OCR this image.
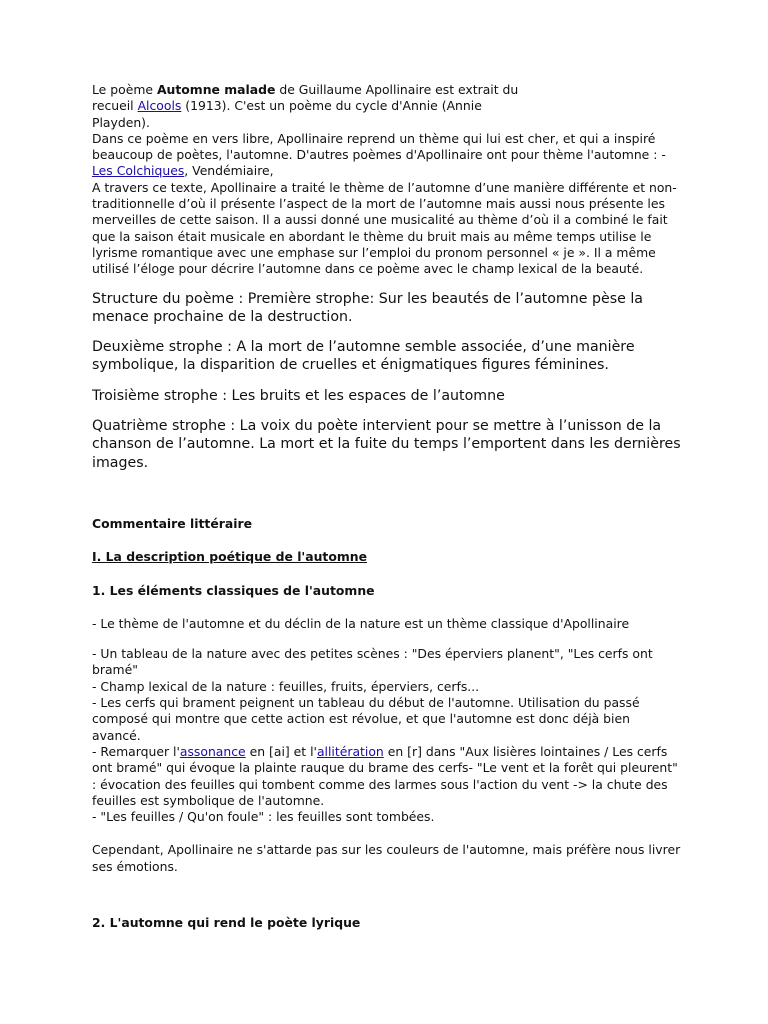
Le poème Automne malade de Guillaume Apollinaire est extrait du recueil Alcools (1913). C'est un poème du cycle d'Annie (Annie Playden).

Dans ce poème en vers libre, Apollinaire reprend un thème qui lui est cher, et qui a inspiré beaucoup de poètes, l'automne. D'autres poèmes d'Apollinaire ont pour thème l'automne : - Les Colchiques, Vendémiaire,

A travers ce texte, Apollinaire a traité le thème de l’automne d’une manière différente et non-traditionnelle d’où il présente l’aspect de la mort de l’automne mais aussi nous présente les merveilles de cette saison. Il a aussi donné une musicalité au thème d’où il a combiné le fait que la saison était musicale en abordant le thème du bruit mais au même temps utilise le lyrisme romantique avec une emphase sur l’emploi du pronom personnel « je ». Il a même utilisé l’éloge pour décrire l’automne dans ce poème avec le champ lexical de la beauté.

Structure du poème : Première strophe: Sur les beautés de l’automne pèse la menace prochaine de la destruction.

Deuxième strophe : A la mort de l’automne semble associée, d’une manière symbolique, la disparition de cruelles et énigmatiques figures féminines.

Troisième strophe : Les bruits et les espaces de l’automne

Quatrième strophe : La voix du poète intervient pour se mettre à l’unisson de la chanson de l’automne. La mort et la fuite du temps l’emportent dans les dernières images.

Commentaire littéraire

I. La description poétique de l'automne

1. Les éléments classiques de l'automne

- Le thème de l'automne et du déclin de la nature est un thème classique d'Apollinaire

- Un tableau de la nature avec des petites scènes : "Des éperviers planent", "Les cerfs ont bramé"

- Champ lexical de la nature : feuilles, fruits, éperviers, cerfs...

- Les cerfs qui brament peignent un tableau du début de l'automne. Utilisation du passé composé qui montre que cette action est révolue, et que l'automne est donc déjà bien avancé.

- Remarquer l'assonance en [ai] et l'allitération en [r] dans "Aux lisières lointaines / Les cerfs ont bramé" qui évoque la plainte rauque du brame des cerfs- "Le vent et la forêt qui pleurent" : évocation des feuilles qui tombent comme des larmes sous l'action du vent -> la chute des feuilles est symbolique de l'automne.

- "Les feuilles / Qu'on foule" : les feuilles sont tombées.

Cependant, Apollinaire ne s'attarde pas sur les couleurs de l'automne, mais préfère nous livrer ses émotions.

2. L'automne qui rend le poète lyrique
